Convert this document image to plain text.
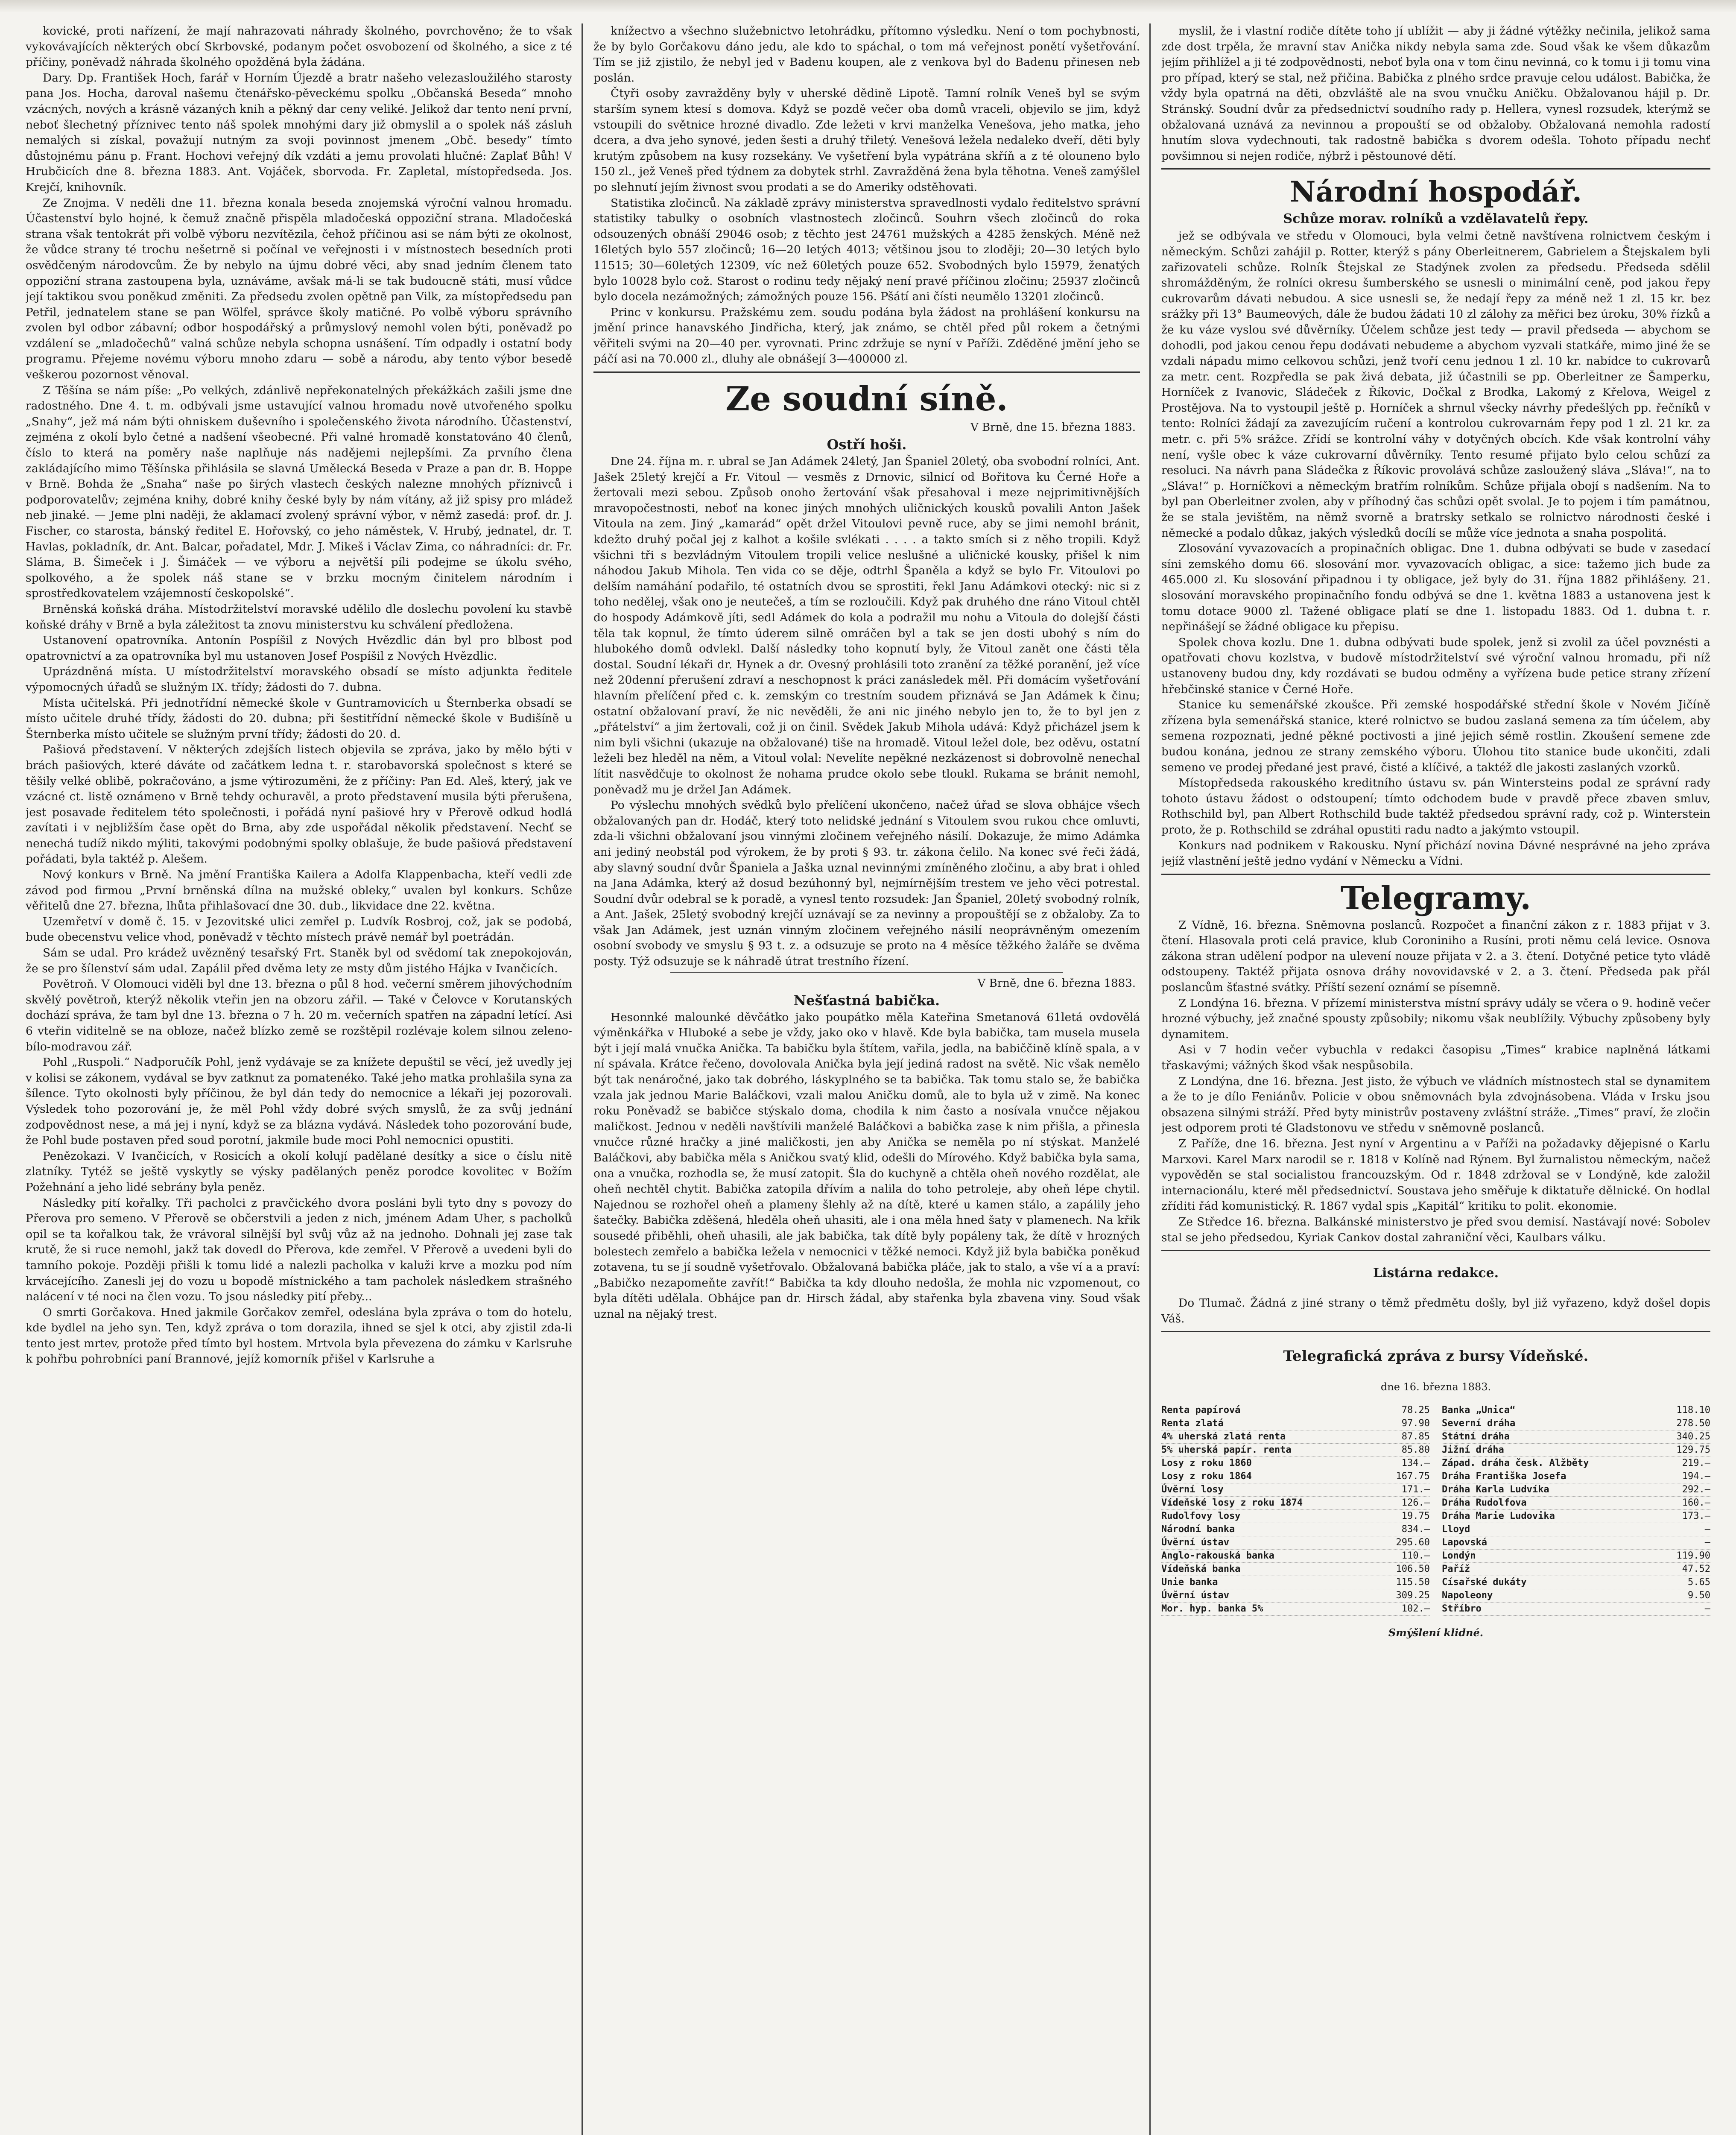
kovické, proti nařízení, že mají nahrazovati náhrady školného, povrchověno; že to však vykovávajících některých obcí Skrbovské, podanym počet osvobození od školného, a sice z té příčiny, poněvadž náhrada školného opožděná byla žádána.

Dary. Dp. František Hoch, farář v Horním Újezdě a bratr našeho velezasloužilého starosty pana Jos. Hocha, daroval našemu čtenářsko-pěveckému spolku „Občanská Beseda“ mnoho vzácných, nových a krásně vázaných knih a pěkný dar ceny veliké. Jelikož dar tento není první, neboť šlechetný příznivec tento náš spolek mnohými dary již obmyslil a o spolek náš zásluh nemalých si získal, považují nutným za svoji povinnost jmenem „Obč. besedy“ tímto důstojnému pánu p. Frant. Hochovi veřejný dík vzdáti a jemu provolati hlučné: Zaplať Bůh! V Hrubčicích dne 8. března 1883. Ant. Vojáček, sborvoda. Fr. Zapletal, místopředseda. Jos. Krejčí, knihovník.

Ze Znojma. V neděli dne 11. března konala beseda znojemská výroční valnou hromadu. Účastenství bylo hojné, k čemuž značně přispěla mladočeská oppoziční strana. Mladočeská strana však tentokrát při volbě výboru nezvítězila, čehož příčinou asi se nám býti ze okolnost, že vůdce strany té trochu nešetrně si počínal ve veřejnosti i v místnostech besedních proti osvědčeným národovcům. Že by nebylo na újmu dobré věci, aby snad jedním členem tato oppoziční strana zastoupena byla, uznáváme, avšak má-li se tak budoucně státi, musí vůdce její taktikou svou poněkud změniti. Za předsedu zvolen opětně pan Vilk, za místopředsedu pan Petřil, jednatelem stane se pan Wölfel, správce školy matičné. Po volbě výboru správního zvolen byl odbor zábavní; odbor hospodářský a průmyslový nemohl volen býti, poněvadž po vzdálení se „mladočechů“ valná schůze nebyla schopna usnášení. Tím odpadly i ostatní body programu. Přejeme novému výboru mnoho zdaru — sobě a národu, aby tento výbor besedě veškerou pozornost věnoval.

Z Těšína se nám píše: „Po velkých, zdánlivě nepřekonatelných překážkách zašili jsme dne radostného. Dne 4. t. m. odbývali jsme ustavující valnou hromadu nově utvořeného spolku „Snahy“, jež má nám býti ohniskem duševního i společenského života národního. Účastenství, zejména z okolí bylo četné a nadšení všeobecné. Při valné hromadě konstatováno 40 členů, číslo to která na poměry naše naplňuje nás nadějemi nejlepšími. Za prvního člena zakládajícího mimo Těšínska přihlásila se slavná Umělecká Beseda v Praze a pan dr. B. Hoppe v Brně. Bohda že „Snaha“ naše po širých vlastech českých nalezne mnohých příznivců i podporovatelův; zejména knihy, dobré knihy české byly by nám vítány, až již spisy pro mládež neb jinaké. — Jeme plni naději, že aklamací zvolený správní výbor, v němž zasedá: prof. dr. J. Fischer, co starosta, bánský ředitel E. Hořovský, co jeho náměstek, V. Hrubý, jednatel, dr. T. Havlas, pokladník, dr. Ant. Balcar, pořadatel, Mdr. J. Mikeš i Václav Zima, co náhradníci: dr. Fr. Sláma, B. Šimeček i J. Šimáček — ve výboru a největší píli podejme se úkolu svého, spolkového, a že spolek náš stane se v brzku mocným činitelem národním i sprostředkovatelem vzájemností českopolské“.

Brněnská koňská dráha. Místodržitelství moravské udělilo dle doslechu povolení ku stavbě koňské dráhy v Brně a byla záležitost ta znovu ministerstvu ku schválení předložena.

Ustanovení opatrovníka. Antonín Pospíšil z Nových Hvězdlic dán byl pro blbost pod opatrovnictví a za opatrovníka byl mu ustanoven Josef Pospíšil z Nových Hvězdlic.

Uprázdněná místa. U místodržitelství moravského obsadí se místo adjunkta ředitele výpomocných úřadů se služným IX. třídy; žádosti do 7. dubna.

Místa učitelská. Při jednotřídní německé škole v Guntramovicích u Šternberka obsadí se místo učitele druhé třídy, žádosti do 20. dubna; při šestitřídní německé škole v Budišíně u Šternberka místo učitele se služným první třídy; žádosti do 20. d.

Pašiová představení. V některých zdejších listech objevila se zpráva, jako by mělo býti v brách pašiových, které dáváte od začátkem ledna t. r. starobavorská společnost s které se těšily velké oblibě, pokračováno, a jsme výtirozuměni, že z příčiny: Pan Ed. Aleš, který, jak ve vzácné ct. listě oznámeno v Brně tehdy ochuravěl, a proto představení musila býti přerušena, jest posavade ředitelem této společnosti, i pořádá nyní pašiové hry v Přerově odkud hodlá zavítati i v nejbližším čase opět do Brna, aby zde uspořádal několik představení. Nechť se nenechá tudíž nikdo mýliti, takovými podobnými spolky oblašuje, že bude pašiová představení pořádati, byla taktéž p. Alešem.

Nový konkurs v Brně. Na jmění Františka Kailera a Adolfa Klappenbacha, kteří vedli zde závod pod firmou „První brněnská dílna na mužské obleky,“ uvalen byl konkurs. Schůze věřitelů dne 27. března, lhůta přihlašovací dne 30. dub., likvidace dne 22. května.

Uzemřetví v domě č. 15. v Jezovitské ulici zemřel p. Ludvík Rosbroj, což, jak se podobá, bude obecenstvu velice vhod, poněvadž v těchto místech právě nemář byl poetrádán.

Sám se udal. Pro krádež uvězněný tesařský Frt. Staněk byl od svědomí tak znepokojován, že se pro šílenství sám udal. Zapálil před dvěma lety ze msty dům jistého Hájka v Ivančicích.

Povětroň. V Olomouci viděli byl dne 13. března o půl 8 hod. večerní směrem jihovýchodním skvělý povětroň, kterýž několik vteřin jen na obzoru zářil. — Také v Čelovce v Korutanských dochází správa, že tam byl dne 13. března o 7 h. 20 m. večerních spatřen na západní letící. Asi 6 vteřin viditelně se na obloze, načež blízko země se rozštěpil rozlévaje kolem silnou zeleno-bílo-modravou zář.

Pohl „Ruspoli.“ Nadporučík Pohl, jenž vydávaje se za knížete depuštil se věcí, jež uvedly jej v kolisi se zákonem, vydával se byv zatknut za pomatenéko. Také jeho matka prohlašila syna za šílence. Tyto okolnosti byly příčinou, že byl dán tedy do nemocnice a lékaři jej pozorovali. Výsledek toho pozorování je, že měl Pohl vždy dobré svých smyslů, že za svůj jednání zodpovědnost nese, a má jej i nyní, když se za blázna vydává. Následek toho pozorování bude, že Pohl bude postaven před soud porotní, jakmile bude moci Pohl nemocnici opustiti.

Penězokazi. V Ivančicích, v Rosicích a okolí kolují padělané desítky a sice o číslu nitě zlatníky. Tytéž se ještě vyskytly se výsky padělaných peněz porodce kovolitec v Božím Požehnání a jeho lidé sebrány byla peněz.

Následky pití kořalky. Tři pacholci z pravčického dvora posláni byli tyto dny s povozy do Přerova pro semeno. V Přerově se občerstvili a jeden z nich, jménem Adam Uher, s pacholků opil se ta kořalkou tak, že vrávoral silnější byl svůj vůz až na jednoho. Dohnali jej zase tak krutě, že si ruce nemohl, jakž tak dovedl do Přerova, kde zemřel. V Přerově a uvedeni byli do tamního pokoje. Později přišli k tomu lidé a nalezli pacholka v kaluži krve a mozku pod ním krvácejícího. Zanesli jej do vozu u bopodě místnického a tam pacholek následkem strašného nalácení v té noci na člen vozu. To jsou následky pití přeby...

O smrti Gorčakova. Hned jakmile Gorčakov zemřel, odeslána byla zpráva o tom do hotelu, kde bydlel na jeho syn. Ten, když zpráva o tom dorazila, ihned se sjel k otci, aby zjistil zda-li tento jest mrtev, protože před tímto byl hostem. Mrtvola byla převezena do zámku v Karlsruhe k pohřbu pohrobníci paní Brannové, jejíž komorník přišel v Karlsruhe a

knížectvo a všechno služebnictvo letohrádku, přítomno výsledku. Není o tom pochybnosti, že by bylo Gorčakovu dáno jedu, ale kdo to spáchal, o tom má veřejnost ponětí vyšetřování. Tím se již zjistilo, že nebyl jed v Badenu koupen, ale z venkova byl do Badenu přinesen neb poslán.

Čtyři osoby zavražděny byly v uherské dědině Lipotě. Tamní rolník Veneš byl se svým starším synem ktesí s domova. Když se pozdě večer oba domů vraceli, objevilo se jim, když vstoupili do světnice hrozné divadlo. Zde ležeti v krvi manželka Venešova, jeho matka, jeho dcera, a dva jeho synové, jeden šesti a druhý třiletý. Venešová ležela nedaleko dveří, děti byly krutým způsobem na kusy rozsekány. Ve vyšetření byla vypátrána skříň a z té olouneno bylo 150 zl., jež Veneš před týdnem za dobytek strhl. Zavražděná žena byla těhotna. Veneš zamýšlel po slehnutí jejím živnost svou prodati a se do Ameriky odstěhovati.

Statistika zločinců. Na základě zprávy ministerstva spravedlnosti vydalo ředitelstvo správní statistiky tabulky o osobních vlastnostech zločinců. Souhrn všech zločinců do roka odsouzených obnáší 29046 osob; z těchto jest 24761 mužských a 4285 ženských. Méně než 16letých bylo 557 zločinců; 16—20 letých 4013; většinou jsou to zloději; 20—30 letých bylo 11515; 30—60letých 12309, víc než 60letých pouze 652. Svobodných bylo 15979, ženatých bylo 10028 bylo což. Starost o rodinu tedy nějaký není pravé příčinou zločinu; 25937 zločinců bylo docela nezámožných; zámožných pouze 156. Pšátí ani čísti neumělo 13201 zločinců.

Princ v konkursu. Pražskému zem. soudu podána byla žádost na prohlášení konkursu na jmění prince hanavského Jindřicha, který, jak známo, se chtěl před půl rokem a četnými věřiteli svými na 20—40 per. vyrovnati. Princ zdržuje se nyní v Paříži. Zděděné jmění jeho se páčí asi na 70.000 zl., dluhy ale obnášejí 3—400000 zl.

Ze soudní síně.

V Brně, dne 15. března 1883.

Ostří hoši.

Dne 24. října m. r. ubral se Jan Adámek 24letý, Jan Španiel 20letý, oba svobodní rolníci, Ant. Jašek 25letý krejčí a Fr. Vitoul — vesměs z Drnovic, silnicí od Bořitova ku Černé Hoře a žertovali mezi sebou. Způsob onoho žertování však přesahoval i meze nejprimitivnějších mravopočestnosti, neboť na konec jiných mnohých uličnických kousků povalili Anton Jašek Vitoula na zem. Jiný „kamarád“ opět držel Vitoulovi pevně ruce, aby se jimi nemohl bránit, kdežto druhý počal jej z kalhot a košile svlékati . . . . a takto smích si z něho tropili. Když všichni tři s bezvládným Vitoulem tropili velice neslušné a uličnické kousky, přišel k nim náhodou Jakub Mihola. Ten vida co se děje, odtrhl Španěla a když se bylo Fr. Vitoulovi po delším namáhání podařilo, té ostatních dvou se sprostiti, řekl Janu Adámkovi otecký: nic si z toho nedělej, však ono je neutečeš, a tím se rozloučili. Když pak druhého dne ráno Vitoul chtěl do hospody Adámkově jíti, sedl Adámek do kola a podražil mu nohu a Vitoula do dolejší části těla tak kopnul, že tímto úderem silně omráčen byl a tak se jen dosti ubohý s ním do hlubokého domů odvlekl. Další následky toho kopnutí byly, že Vitoul zanět one části těla dostal. Soudní lékaři dr. Hynek a dr. Ovesný prohlásili toto zranění za těžké poranění, jež více než 20denní přerušení zdraví a neschopnost k práci zanásledek měl. Při domácím vyšetřování hlavním přelíčení před c. k. zemským co trestním soudem přiznává se Jan Adámek k činu; ostatní obžalovaní praví, že nic nevěděli, že ani nic jiného nebylo jen to, že to byl jen z „přátelství“ a jim žertovali, což ji on činil. Svědek Jakub Mihola udává: Když přicházel jsem k nim byli všichni (ukazuje na obžalované) tiše na hromadě. Vitoul ležel dole, bez oděvu, ostatní leželi bez hleděl na něm, a Vitoul volal: Nevelíte nepěkné nezkázenost si dobrovolně nenechal lítit nasvědčuje to okolnost že nohama prudce okolo sebe tloukl. Rukama se bránit nemohl, poněvadž mu je držel Jan Adámek.

Po výslechu mnohých svědků bylo přelíčení ukončeno, načež úřad se slova obhájce všech obžalovaných pan dr. Hodáč, který toto nelidské jednání s Vitoulem svou rukou chce omluvti, zda-li všichni obžalovaní jsou vinnými zločinem veřejného násilí. Dokazuje, že mimo Adámka ani jediný neobstál pod výrokem, že by proti § 93. tr. zákona čelilo. Na konec své řeči žádá, aby slavný soudní dvůr Španiela a Jaška uznal nevinnými zmíněného zločinu, a aby brat i ohled na Jana Adámka, který až dosud bezúhonný byl, nejmírnějším trestem ve jeho věci potrestal. Soudní dvůr odebral se k poradě, a vynesl tento rozsudek: Jan Španiel, 20letý svobodný rolník, a Ant. Jašek, 25letý svobodný krejčí uznávají se za nevinny a propouštějí se z obžaloby. Za to však Jan Adámek, jest uznán vinným zločinem veřejného násilí neoprávněným omezením osobní svobody ve smyslu § 93 t. z. a odsuzuje se proto na 4 měsíce těžkého žaláře se dvěma posty. Týž odsuzuje se k náhradě útrat trestního řízení.

V Brně, dne 6. března 1883.

Nešťastná babička.

Hesonnké malounké děvčátko jako poupátko měla Kateřina Smetanová 61letá ovdovělá výměnkářka v Hluboké a sebe je vždy, jako oko v hlavě. Kde byla babička, tam musela musela být i její malá vnučka Anička. Ta babičku byla štítem, vařila, jedla, na babiččině klíně spala, a v ní spávala. Krátce řečeno, dovolovala Anička byla její jediná radost na světě. Nic však nemělo být tak nenáročné, jako tak dobrého, láskyplného se ta babička. Tak tomu stalo se, že babička vzala jak jednou Marie Baláčkovi, vzali malou Aničku domů, ale to byla už v zimě. Na konec roku Poněvadž se babičce stýskalo doma, chodila k nim často a nosívala vnučce nějakou maličkost. Jednou v neděli navštívili manželé Baláčkovi a babička zase k nim přišla, a přinesla vnučce různé hračky a jiné maličkosti, jen aby Anička se neměla po ní stýskat. Manželé Baláčkovi, aby babička měla s Aničkou svatý klid, odešli do Mírového. Když babička byla sama, ona a vnučka, rozhodla se, že musí zatopit. Šla do kuchyně a chtěla oheň nového rozdělat, ale oheň nechtěl chytit. Babička zatopila dřívím a nalila do toho petroleje, aby oheň lépe chytil. Najednou se rozhořel oheň a plameny šlehly až na dítě, které u kamen stálo, a zapálily jeho šatečky. Babička zděšená, hleděla oheň uhasiti, ale i ona měla hned šaty v plamenech. Na křik sousedé přiběhli, oheň uhasili, ale jak babička, tak dítě byly popáleny tak, že dítě v hrozných bolestech zemřelo a babička ležela v nemocnici v těžké nemoci. Když již byla babička poněkud zotavena, tu se jí soudně vyšetřovalo. Obžalovaná babička pláče, jak to stalo, a vše ví a a praví: „Babičko nezapomeňte zavřít!“ Babička ta kdy dlouho nedošla, že mohla nic vzpomenout, co byla dítěti udělala. Obhájce pan dr. Hirsch žádal, aby stařenka byla zbavena viny. Soud však uznal na nějaký trest.

myslil, že i vlastní rodiče dítěte toho jí ublížit — aby ji žádné výtěžky nečinila, jelikož sama zde dost trpěla, že mravní stav Anička nikdy nebyla sama zde. Soud však ke všem důkazům jejím přihlížel a ji té zodpovědnosti, neboť byla ona v tom činu nevinná, co k tomu i ji tomu vina pro případ, který se stal, než přičina. Babička z plného srdce pravuje celou událost. Babička, že vždy byla opatrná na děti, obzvláště ale na svou vnučku Aničku. Obžalovanou hájil p. Dr. Stránský. Soudní dvůr za předsednictví soudního rady p. Hellera, vynesl rozsudek, kterýmž se obžalovaná uznává za nevinnou a propouští se od obžaloby. Obžalovaná nemohla radostí hnutím slova vydechnouti, tak radostně babička s dvorem odešla. Tohoto případu nechť povšimnou si nejen rodiče, nýbrž i pěstounové dětí.

Národní hospodář.

Schůze morav. rolníků a vzdělavatelů řepy.

jež se odbývala ve středu v Olomouci, byla velmi četně navštívena rolnictvem českým i německým. Schůzi zahájil p. Rotter, kterýž s pány Oberleitnerem, Gabrielem a Štejskalem byli zařizovateli schůze. Rolník Štejskal ze Stadýnek zvolen za předsedu. Předseda sdělil shromážděným, že rolníci okresu šumberského se usnesli o minimální ceně, pod jakou řepy cukrovarům dávati nebudou. A sice usnesli se, že nedají řepy za méně než 1 zl. 15 kr. bez srážky při 13° Baumeových, dále že budou žádati 10 zl zálohy za měřici bez úroku, 30% řízků a že ku váze vyslou své důvěrníky. Účelem schůze jest tedy — pravil předseda — abychom se dohodli, pod jakou cenou řepu dodávati nebudeme a abychom vyzvali statkáře, mimo jiné že se vzdali nápadu mimo celkovou schůzi, jenž tvoří cenu jednou 1 zl. 10 kr. nabídce to cukrovarů za metr. cent. Rozpředla se pak živá debata, již účastnili se pp. Oberleitner ze Šamperku, Horníček z Ivanovic, Sládeček z Říkovic, Dočkal z Brodka, Lakomý z Křelova, Weigel z Prostějova. Na to vystoupil ještě p. Horníček a shrnul všecky návrhy předešlých pp. řečníků v tento: Rolníci žádají za zavezujícím ručení a kontrolou cukrovarnám řepy pod 1 zl. 21 kr. za metr. c. při 5% srážce. Zřídí se kontrolní váhy v dotyčných obcích. Kde však kontrolní váhy není, vyšle obec k váze cukrovarní důvěrníky. Tento resumé přijato bylo celou schůzí za resoluci. Na návrh pana Sládečka z Říkovic provolává schůze zasloužený sláva „Sláva!“, na to „Sláva!“ p. Horníčkovi a německým bratřím rolníkům. Schůze přijala obojí s nadšením. Na to byl pan Oberleitner zvolen, aby v příhodný čas schůzi opět svolal. Je to pojem i tím památnou, že se stala jevištěm, na němž svorně a bratrsky setkalo se rolnictvo národnosti české i německé a podalo důkaz, jakých výsledků docílí se může více jednota a snaha pospolitá.

Zlosování vyvazovacích a propinačních obligac. Dne 1. dubna odbývati se bude v zasedací síni zemského domu 66. slosování mor. vyvazovacích obligac, a sice: tažemo jich bude za 465.000 zl. Ku slosování připadnou i ty obligace, jež byly do 31. října 1882 přihlášeny. 21. slosování moravského propinačního fondu odbývá se dne 1. května 1883 a ustanovena jest k tomu dotace 9000 zl. Tažené obligace platí se dne 1. listopadu 1883. Od 1. dubna t. r. nepřinášejí se žádné obligace ku přepisu.

Spolek chova kozlu. Dne 1. dubna odbývati bude spolek, jenž si zvolil za účel povznésti a opatřovati chovu kozlstva, v budově místodržitelství své výroční valnou hromadu, při níž ustanoveny budou dny, kdy rozdávati se budou odměny a vyřízena bude petice strany zřízení hřebčinské stanice v Černé Hoře.

Stanice ku semenářské zkoušce. Při zemské hospodářské střední škole v Novém Jičíně zřízena byla semenářská stanice, které rolnictvo se budou zaslaná semena za tím účelem, aby semena rozpoznati, jedné pěkné poctivosti a jiné jejich sémě rostlin. Zkoušení semene zde budou konána, jednou ze strany zemského výboru. Úlohou tito stanice bude ukončiti, zdali semeno ve prodej předané jest pravé, čisté a klíčivé, a taktéž dle jakosti zaslaných vzorků.

Místopředseda rakouského kreditního ústavu sv. pán Wintersteins podal ze správní rady tohoto ústavu žádost o odstoupení; tímto odchodem bude v pravdě přece zbaven smluv, Rothschild byl, pan Albert Rothschild bude taktéž předsedou správní rady, což p. Winterstein proto, že p. Rothschild se zdráhal opustiti radu nadto a jakýmto vstoupil.

Konkurs nad podnikem v Rakousku. Nyní přichází novina Dávné nesprávné na jeho zpráva jejíž vlastnění ještě jedno vydání v Německu a Vídni.

Telegramy.

Z Vídně, 16. března. Sněmovna poslanců. Rozpočet a finanční zákon z r. 1883 přijat v 3. čtení. Hlasovala proti celá pravice, klub Coroniniho a Rusíni, proti němu celá levice. Osnova zákona stran udělení podpor na ulevení nouze přijata v 2. a 3. čtení. Dotyčné petice tyto vládě odstoupeny. Taktéž přijata osnova dráhy novovidavské v 2. a 3. čtení. Předseda pak přál poslancům šťastné svátky. Příští sezení oznámí se písemně.

Z Londýna 16. března. V přízemí ministerstva místní správy udály se včera o 9. hodině večer hrozné výbuchy, jež značné spousty způsobily; nikomu však neublížily. Výbuchy způsobeny byly dynamitem.

Asi v 7 hodin večer vybuchla v redakci časopisu „Times“ krabice naplněná látkami třaskavými; vážných škod však nespůsobila.

Z Londýna, dne 16. března. Jest jisto, že výbuch ve vládních místnostech stal se dynamitem a že to je dílo Feniánův. Policie v obou sněmovnách byla zdvojnásobena. Vláda v Irsku jsou obsazena silnými stráží. Před byty ministrův postaveny zvláštní stráže. „Times“ praví, že zločin jest odporem proti té Gladstonovu ve středu v sněmovně poslanců.

Z Paříže, dne 16. března. Jest nyní v Argentinu a v Paříži na požadavky dějepisné o Karlu Marxovi. Karel Marx narodil se r. 1818 v Kolíně nad Rýnem. Byl žurnalistou německým, načež vypověděn se stal socialistou francouzským. Od r. 1848 zdržoval se v Londýně, kde založil internacionálu, které měl předsednictví. Soustava jeho směřuje k diktatuře dělnické. On hodlal zříditi řád komunistický. R. 1867 vydal spis „Kapitál“ kritiku to polit. ekonomie.

Ze Středce 16. března. Balkánské ministerstvo je před svou demisí. Nastávají nové: Sobolev stal se jeho předsedou, Kyriak Cankov dostal zahraniční věci, Kaulbars válku.

Listárna redakce.

Do Tlumač. Žádná z jiné strany o těmž předmětu došly, byl již vyřazeno, když došel dopis Váš.

Telegrafická zpráva z bursy Vídeňské.

dne 16. března 1883.

Renta papírová	78.25
Renta zlatá	97.90
4% uherská zlatá renta	87.85
5% uherská papír. renta	85.80
Losy z roku 1860	134.—
Losy z roku 1864	167.75
Úvěrní losy	171.—
Vídeňské losy z roku 1874	126.—
Rudolfovy losy	19.75
Národní banka	834.—
Úvěrní ústav	295.60
Anglo-rakouská banka	110.—
Vídeňská banka	106.50
Unie banka	115.50
Úvěrní ústav	309.25
Mor. hyp. banka 5%	102.—
Banka „Unica“	118.10
Severní dráha	278.50
Státní dráha	340.25
Jižní dráha	129.75
Západ. dráha česk. Alžběty	219.—
Dráha Františka Josefa	194.—
Dráha Karla Ludvíka	292.—
Dráha Rudolfova	160.—
Dráha Marie Ludovika	173.—
Lloyd	—
Lapovská	—
Londýn	119.90
Paříž	47.52
Císařské dukáty	5.65
Napoleony	9.50
Stříbro	—

Smýšlení klidné.
